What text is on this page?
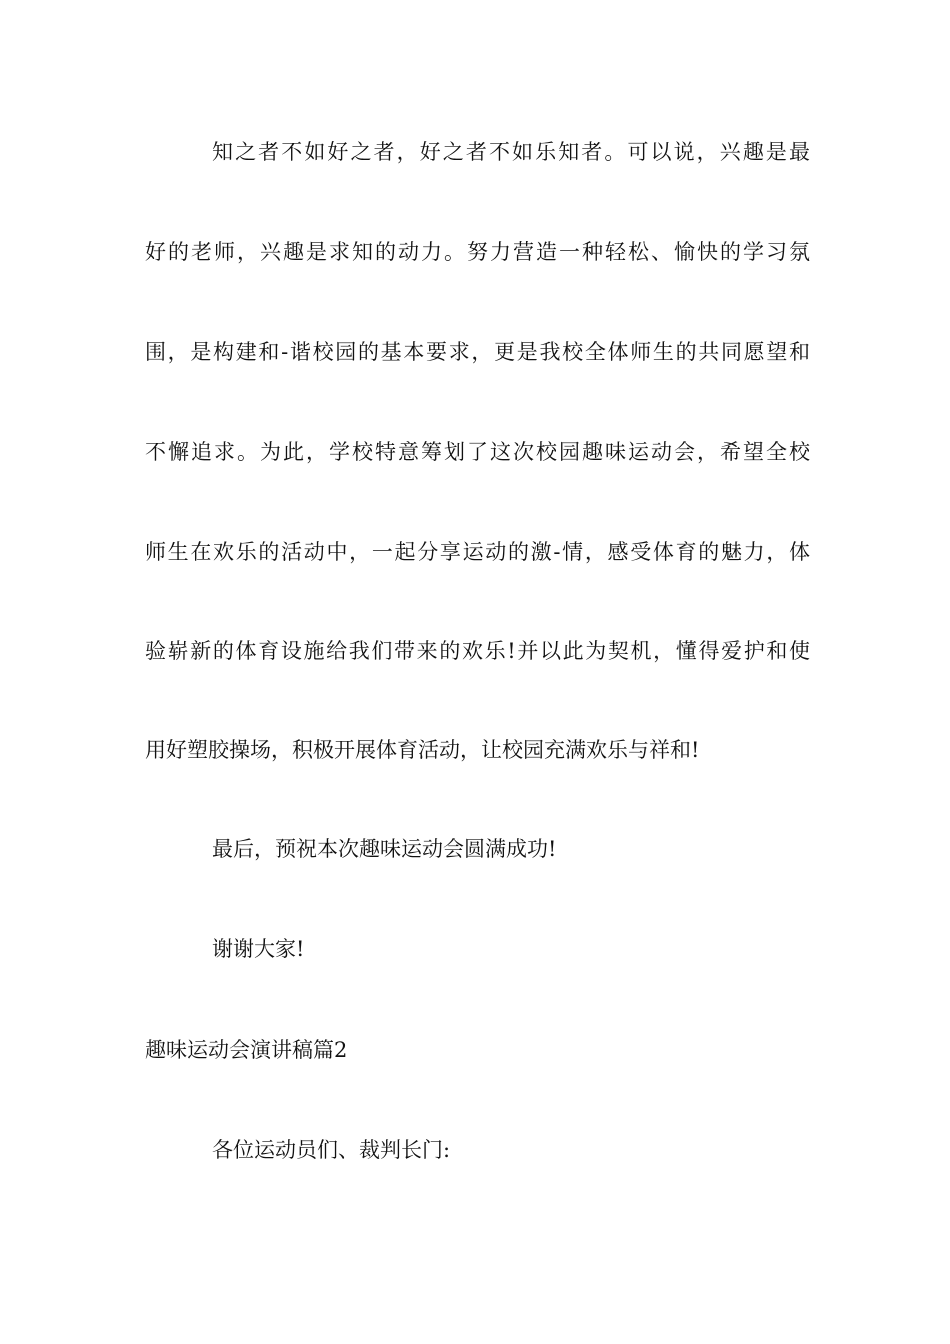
知之者不如好之者，好之者不如乐知者。可以说，兴趣是最
好的老师，兴趣是求知的动力。努力营造一种轻松、愉快的学习氛
围，是构建和-谐校园的基本要求，更是我校全体师生的共同愿望和
不懈追求。为此，学校特意筹划了这次校园趣味运动会，希望全校
师生在欢乐的活动中，一起分享运动的激-情，感受体育的魅力，体
验崭新的体育设施给我们带来的欢乐!并以此为契机，懂得爱护和使
用好塑胶操场，积极开展体育活动，让校园充满欢乐与祥和!
最后，预祝本次趣味运动会圆满成功!
谢谢大家!
趣味运动会演讲稿篇2
各位运动员们、裁判长门:
